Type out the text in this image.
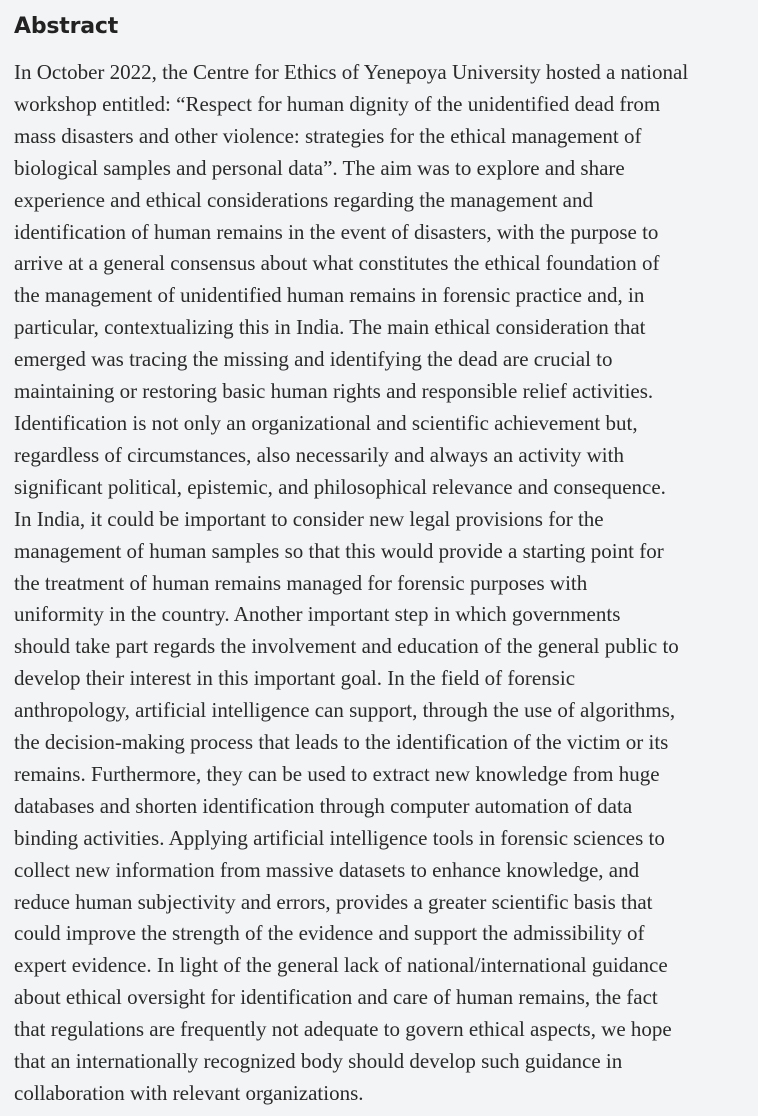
Abstract

In October 2022, the Centre for Ethics of Yenepoya University hosted a national
workshop entitled: “Respect for human dignity of the unidentified dead from
mass disasters and other violence: strategies for the ethical management of
biological samples and personal data”. The aim was to explore and share
experience and ethical considerations regarding the management and
identification of human remains in the event of disasters, with the purpose to
arrive at a general consensus about what constitutes the ethical foundation of
the management of unidentified human remains in forensic practice and, in
particular, contextualizing this in India. The main ethical consideration that
emerged was tracing the missing and identifying the dead are crucial to
maintaining or restoring basic human rights and responsible relief activities.
Identification is not only an organizational and scientific achievement but,
regardless of circumstances, also necessarily and always an activity with
significant political, epistemic, and philosophical relevance and consequence.
In India, it could be important to consider new legal provisions for the
management of human samples so that this would provide a starting point for
the treatment of human remains managed for forensic purposes with
uniformity in the country. Another important step in which governments
should take part regards the involvement and education of the general public to
develop their interest in this important goal. In the field of forensic
anthropology, artificial intelligence can support, through the use of algorithms,
the decision-making process that leads to the identification of the victim or its
remains. Furthermore, they can be used to extract new knowledge from huge
databases and shorten identification through computer automation of data
binding activities. Applying artificial intelligence tools in forensic sciences to
collect new information from massive datasets to enhance knowledge, and
reduce human subjectivity and errors, provides a greater scientific basis that
could improve the strength of the evidence and support the admissibility of
expert evidence. In light of the general lack of national/international guidance
about ethical oversight for identification and care of human remains, the fact
that regulations are frequently not adequate to govern ethical aspects, we hope
that an internationally recognized body should develop such guidance in
collaboration with relevant organizations.
